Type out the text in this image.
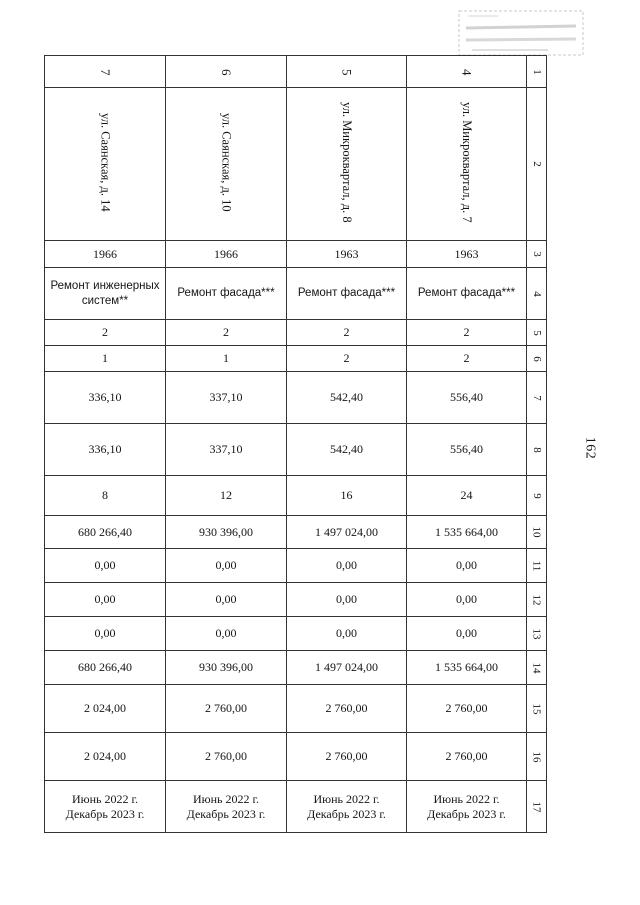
162
7	6	5	4	1
ул. Саянская, д. 14	ул. Саянская, д. 10	ул. Микроквартал, д. 8	ул. Микроквартал, д. 7	2
1966	1966	1963	1963	3
Ремонт инженерных систем**	Ремонт фасада***	Ремонт фасада***	Ремонт фасада***	4
2	2	2	2	5
1	1	2	2	6
336,10	337,10	542,40	556,40	7
336,10	337,10	542,40	556,40	8
8	12	16	24	9
680 266,40	930 396,00	1 497 024,00	1 535 664,00	10
0,00	0,00	0,00	0,00	11
0,00	0,00	0,00	0,00	12
0,00	0,00	0,00	0,00	13
680 266,40	930 396,00	1 497 024,00	1 535 664,00	14
2 024,00	2 760,00	2 760,00	2 760,00	15
2 024,00	2 760,00	2 760,00	2 760,00	16
Июнь 2022 г.
Декабрь 2023 г.	Июнь 2022 г.
Декабрь 2023 г.	Июнь 2022 г.
Декабрь 2023 г.	Июнь 2022 г.
Декабрь 2023 г.	17
